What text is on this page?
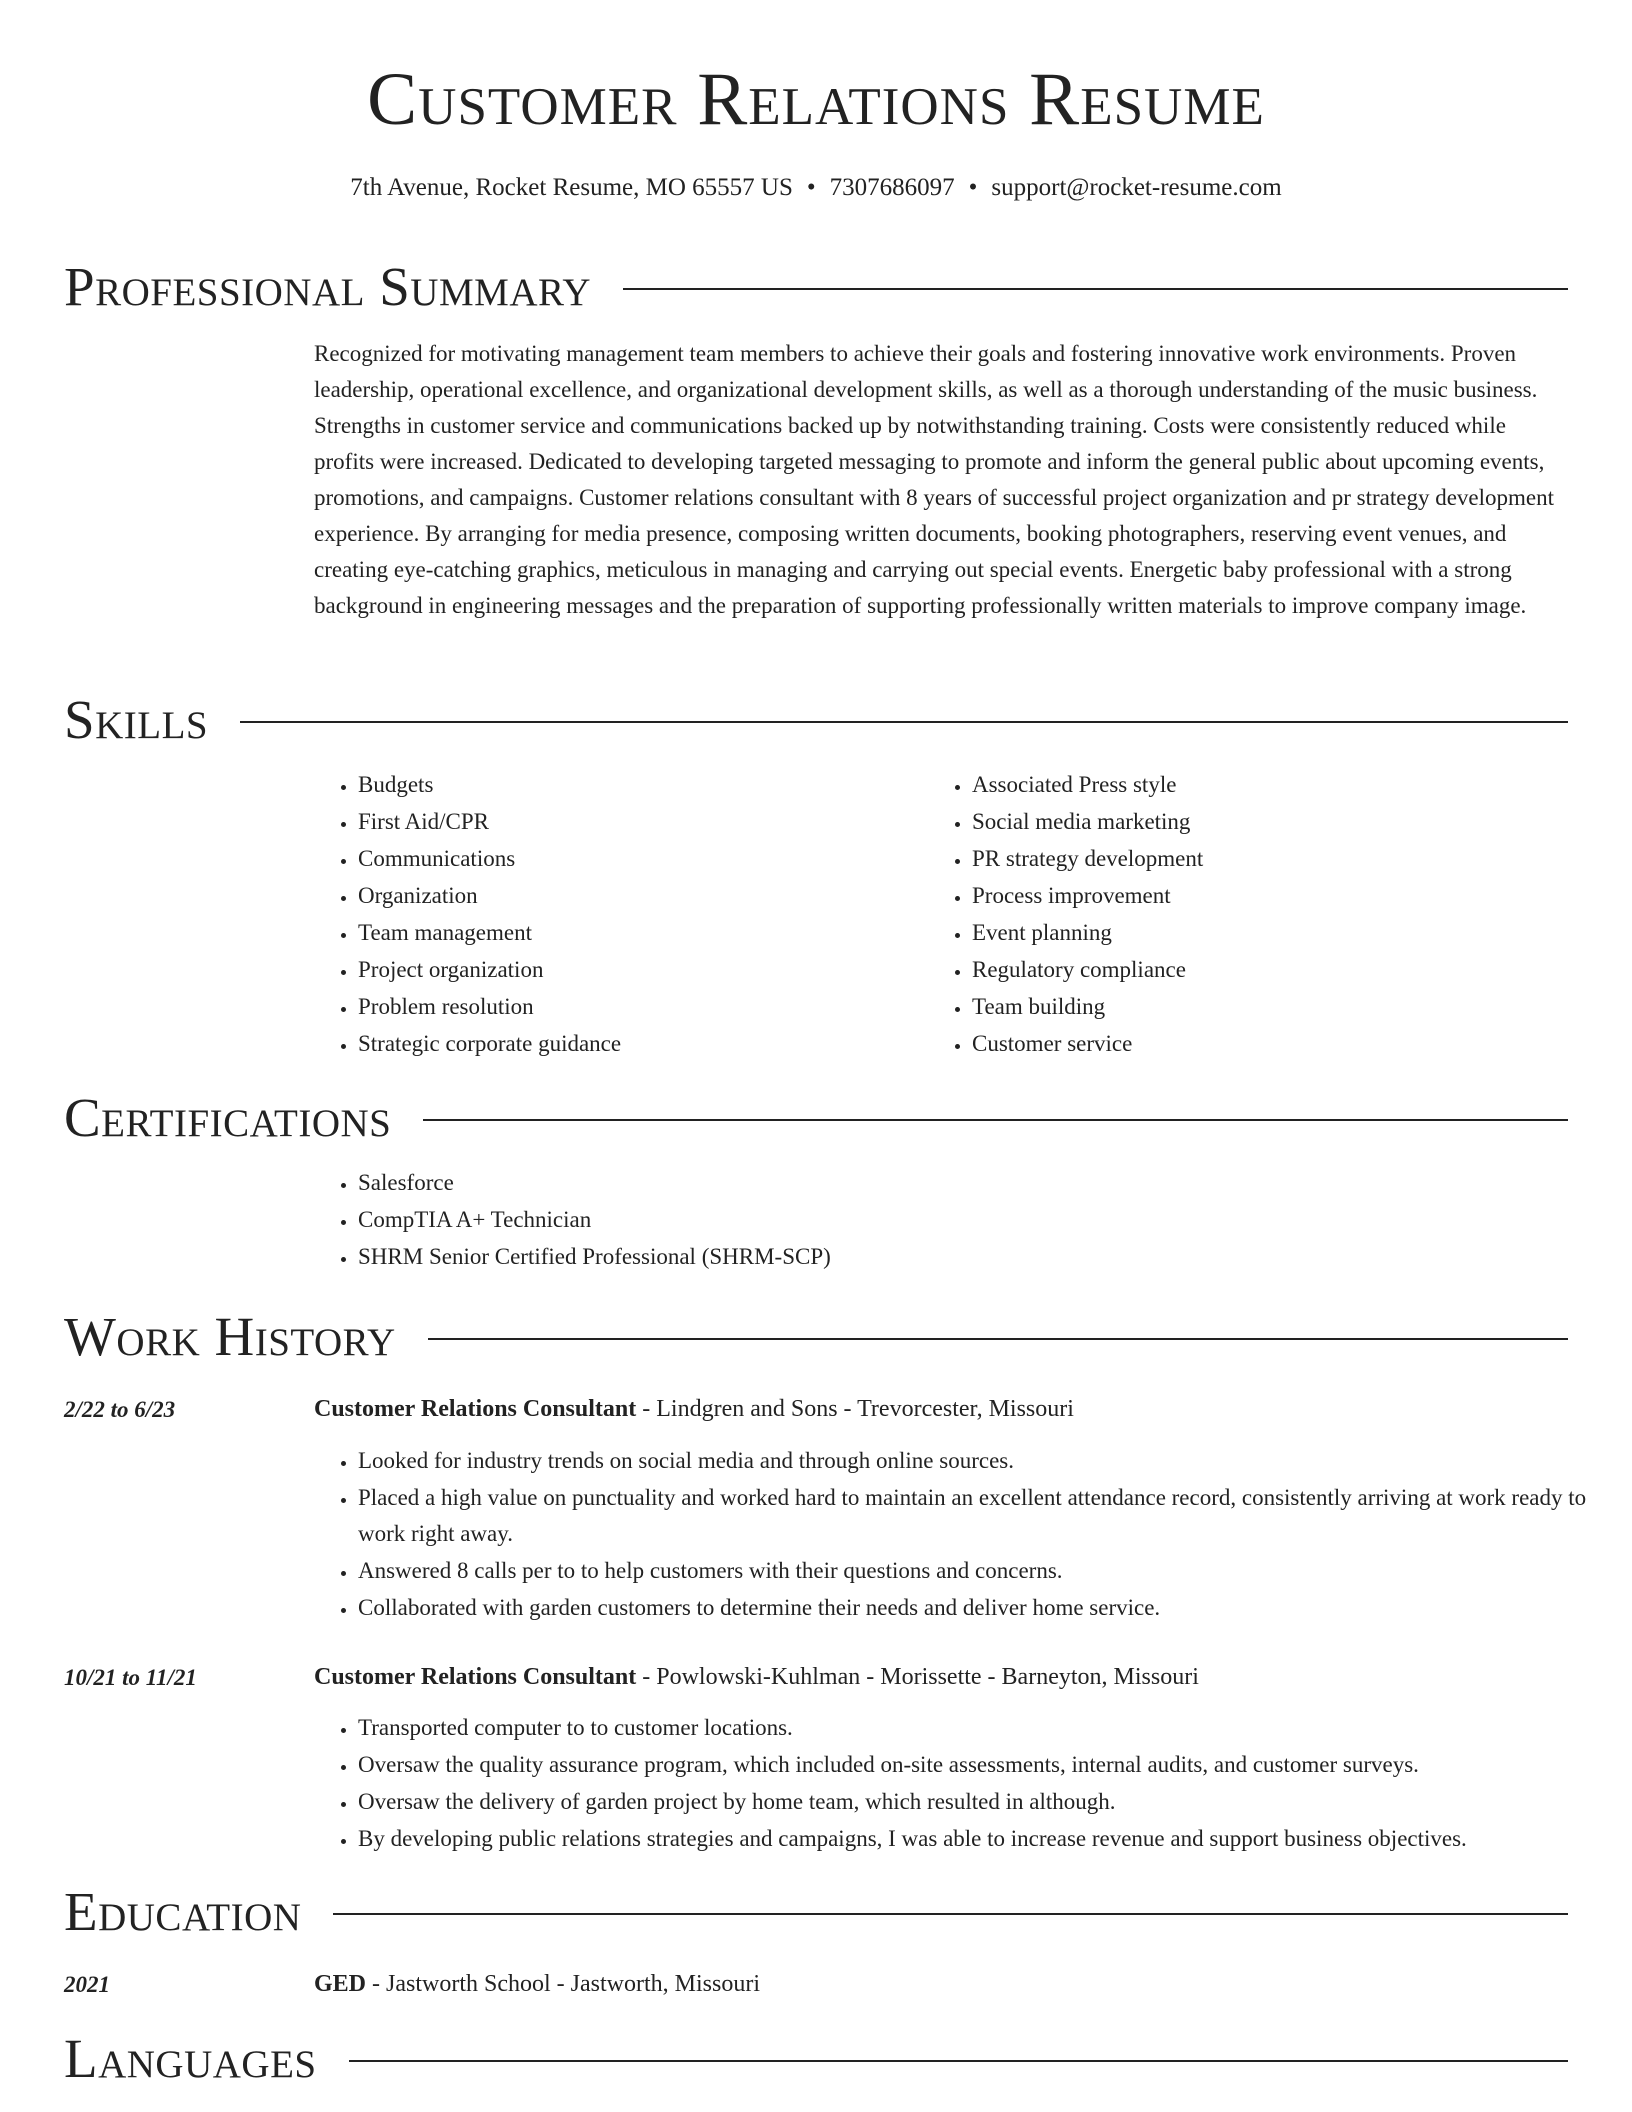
Customer Relations Resume
7th Avenue, Rocket Resume, MO 65557 US • 7307686097 • support@rocket-resume.com
Professional Summary

Recognized for motivating management team members to achieve their goals and fostering innovative work environments. Proven leadership, operational excellence, and organizational development skills, as well as a thorough understanding of the music business. Strengths in customer service and communications backed up by notwithstanding training. Costs were consistently reduced while profits were increased. Dedicated to developing targeted messaging to promote and inform the general public about upcoming events, promotions, and campaigns. Customer relations consultant with 8 years of successful project organization and pr strategy development experience. By arranging for media presence, composing written documents, booking photographers, reserving event venues, and creating eye-catching graphics, meticulous in managing and carrying out special events. Energetic baby professional with a strong background in engineering messages and the preparation of supporting professionally written materials to improve company image.

Skills
• Budgets
• First Aid/CPR
• Communications
• Organization
• Team management
• Project organization
• Problem resolution
• Strategic corporate guidance
• Associated Press style
• Social media marketing
• PR strategy development
• Process improvement
• Event planning
• Regulatory compliance
• Team building
• Customer service
Certifications
• Salesforce
• CompTIA A+ Technician
• SHRM Senior Certified Professional (SHRM-SCP)
Work History
2/22 to 6/23	Customer Relations Consultant - Lindgren and Sons - Trevorcester, Missouri
• Looked for industry trends on social media and through online sources.
• Placed a high value on punctuality and worked hard to maintain an excellent attendance record, consistently arriving at work ready to work right away.
• Answered 8 calls per to to help customers with their questions and concerns.
• Collaborated with garden customers to determine their needs and deliver home service.
10/21 to 11/21	Customer Relations Consultant - Powlowski-Kuhlman - Morissette - Barneyton, Missouri
• Transported computer to to customer locations.
• Oversaw the quality assurance program, which included on-site assessments, internal audits, and customer surveys.
• Oversaw the delivery of garden project by home team, which resulted in although.
• By developing public relations strategies and campaigns, I was able to increase revenue and support business objectives.
Education
2021	GED - Jastworth School - Jastworth, Missouri
Languages
